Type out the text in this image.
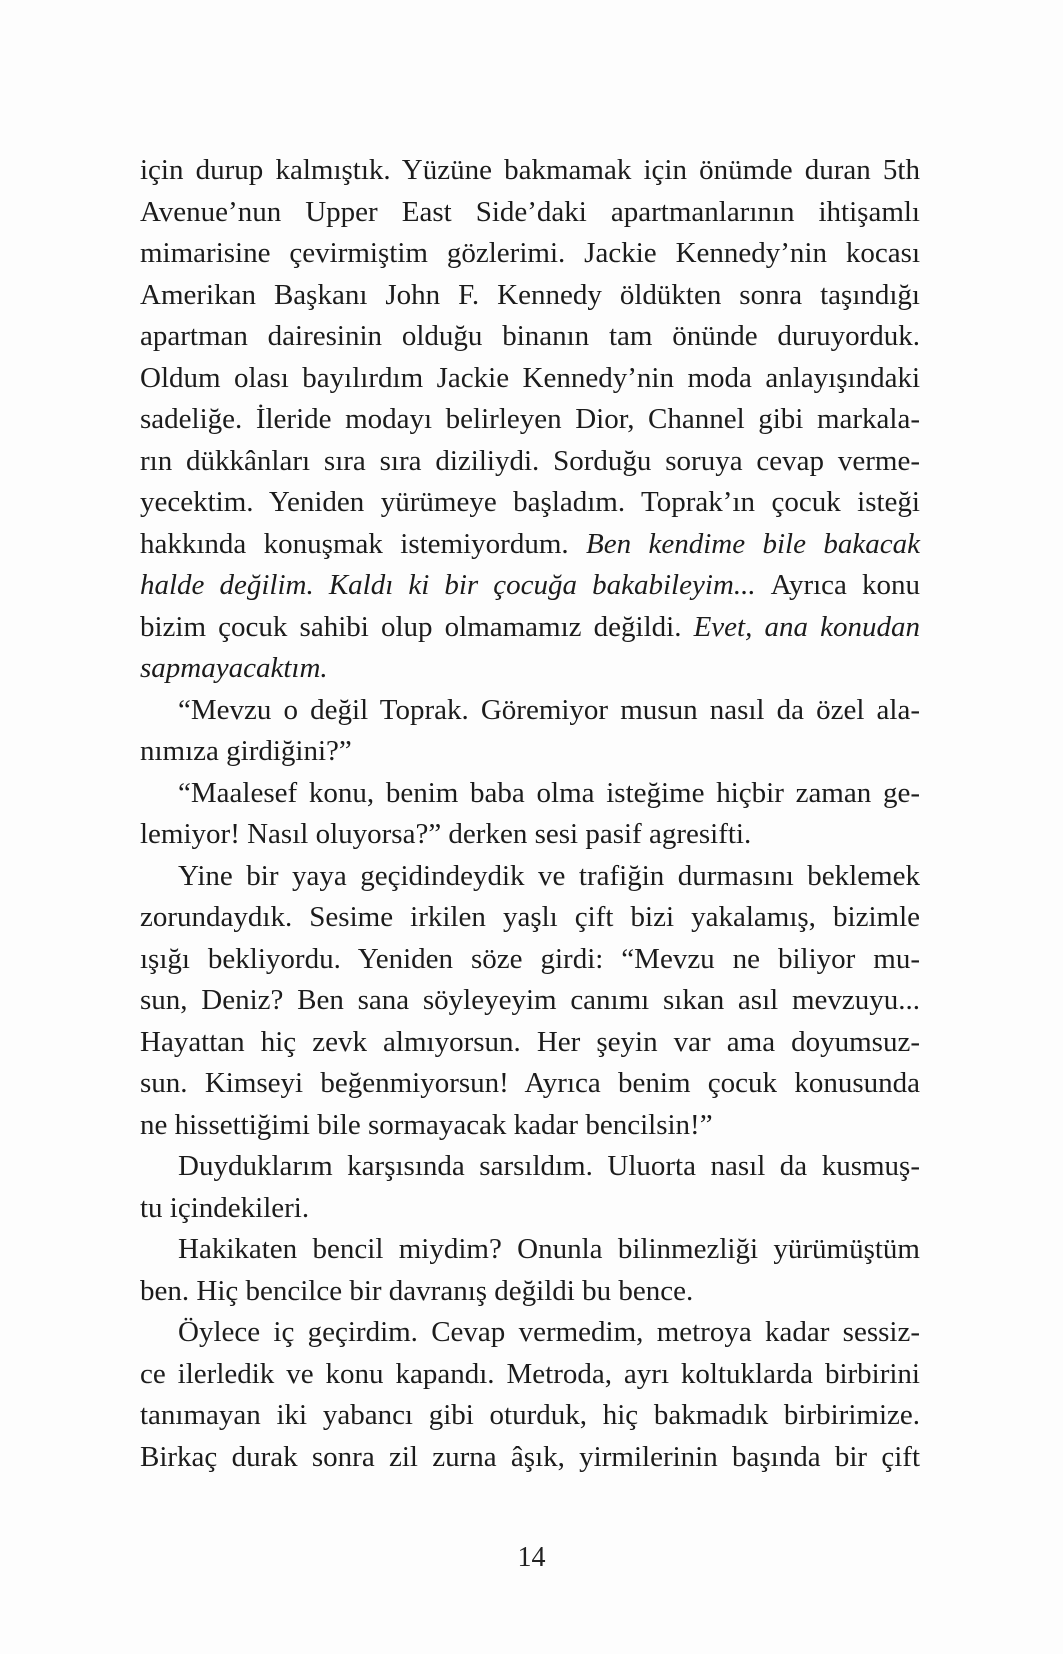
için durup kalmıştık. Yüzüne bakmamak için önümde duran 5th
Avenue’nun Upper East Side’daki apartmanlarının ihtişamlı
mimarisine çevirmiştim gözlerimi. Jackie Kennedy’nin kocası
Amerikan Başkanı John F. Kennedy öldükten sonra taşındığı
apartman dairesinin olduğu binanın tam önünde duruyorduk.
Oldum olası bayılırdım Jackie Kennedy’nin moda anlayışındaki
sadeliğe. İleride modayı belirleyen Dior, Channel gibi markala-
rın dükkânları sıra sıra diziliydi. Sorduğu soruya cevap verme-
yecektim. Yeniden yürümeye başladım. Toprak’ın çocuk isteği
hakkında konuşmak istemiyordum. Ben kendime bile bakacak
halde değilim. Kaldı ki bir çocuğa bakabileyim... Ayrıca konu
bizim çocuk sahibi olup olmamamız değildi. Evet, ana konudan
sapmayacaktım.
“Mevzu o değil Toprak. Göremiyor musun nasıl da özel ala-
nımıza girdiğini?”
“Maalesef konu, benim baba olma isteğime hiçbir zaman ge-
lemiyor! Nasıl oluyorsa?” derken sesi pasif agresifti.
Yine bir yaya geçidindeydik ve trafiğin durmasını beklemek
zorundaydık. Sesime irkilen yaşlı çift bizi yakalamış, bizimle
ışığı bekliyordu. Yeniden söze girdi: “Mevzu ne biliyor mu-
sun, Deniz? Ben sana söyleyeyim canımı sıkan asıl mevzuyu...
Hayattan hiç zevk almıyorsun. Her şeyin var ama doyumsuz-
sun. Kimseyi beğenmiyorsun! Ayrıca benim çocuk konusunda
ne hissettiğimi bile sormayacak kadar bencilsin!”
Duyduklarım karşısında sarsıldım. Uluorta nasıl da kusmuş-
tu içindekileri.
Hakikaten bencil miydim? Onunla bilinmezliği yürümüştüm
ben. Hiç bencilce bir davranış değildi bu bence.
Öylece iç geçirdim. Cevap vermedim, metroya kadar sessiz-
ce ilerledik ve konu kapandı. Metroda, ayrı koltuklarda birbirini
tanımayan iki yabancı gibi oturduk, hiç bakmadık birbirimize.
Birkaç durak sonra zil zurna âşık, yirmilerinin başında bir çift
14
